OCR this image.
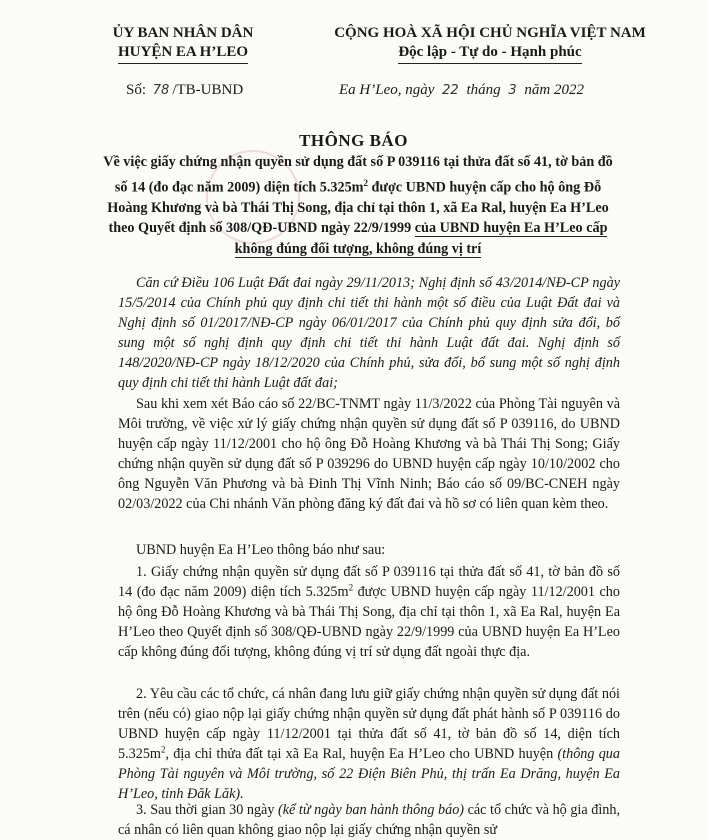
ỦY BAN NHÂN DÂN
HUYỆN EA H’LEO
CỘNG HOÀ XÃ HỘI CHỦ NGHĨA VIỆT NAM
Độc lập - Tự do - Hạnh phúc
Số: 78 /TB-UBND	Ea H’Leo, ngày 22 tháng 3 năm 2022
THÔNG BÁO
Về việc giấy chứng nhận quyền sử dụng đất số P 039116 tại thửa đất số 41, tờ bản đồ số 14 (đo đạc năm 2009) diện tích $5.325m^2$ được UBND huyện cấp cho hộ ông Đỗ Hoàng Khương và bà Thái Thị Song, địa chỉ tại thôn 1, xã Ea Ral, huyện Ea H’Leo theo Quyết định số 308/QĐ-UBND ngày 22/9/1999 của UBND huyện Ea H’Leo cấp không đúng đối tượng, không đúng vị trí
Căn cứ Điều 106 Luật Đất đai ngày 29/11/2013; Nghị định số 43/2014/NĐ-CP ngày 15/5/2014 của Chính phủ quy định chi tiết thi hành một số điều của Luật Đất đai và Nghị định số 01/2017/NĐ-CP ngày 06/01/2017 của Chính phủ quy định sửa đổi, bổ sung một số nghị định quy định chi tiết thi hành Luật đất đai. Nghị định số 148/2020/NĐ-CP ngày 18/12/2020 của Chính phủ, sửa đổi, bổ sung một số nghị định quy định chi tiết thi hành Luật đất đai;
Sau khi xem xét Báo cáo số 22/BC-TNMT ngày 11/3/2022 của Phòng Tài nguyên và Môi trường, về việc xử lý giấy chứng nhận quyền sử dụng đất số P 039116, do UBND huyện cấp ngày 11/12/2001 cho hộ ông Đỗ Hoàng Khương và bà Thái Thị Song; Giấy chứng nhận quyền sử dụng đất số P 039296 do UBND huyện cấp ngày 10/10/2002 cho ông Nguyễn Văn Phương và bà Đinh Thị Vĩnh Ninh; Báo cáo số 09/BC-CNEH ngày 02/03/2022 của Chi nhánh Văn phòng đăng ký đất đai và hồ sơ có liên quan kèm theo.
UBND huyện Ea H’Leo thông báo như sau:
1. Giấy chứng nhận quyền sử dụng đất số P 039116 tại thửa đất số 41, tờ bản đồ số 14 (đo đạc năm 2009) diện tích $5.325m^2$ được UBND huyện cấp ngày 11/12/2001 cho hộ ông Đỗ Hoàng Khương và bà Thái Thị Song, địa chỉ tại thôn 1, xã Ea Ral, huyện Ea H’Leo theo Quyết định số 308/QĐ-UBND ngày 22/9/1999 của UBND huyện Ea H’Leo cấp không đúng đối tượng, không đúng vị trí sử dụng đất ngoài thực địa.
2. Yêu cầu các tổ chức, cá nhân đang lưu giữ giấy chứng nhận quyền sử dụng đất nói trên (nếu có) giao nộp lại giấy chứng nhận quyền sử dụng đất phát hành số P 039116 do UBND huyện cấp ngày 11/12/2001 tại thửa đất số 41, tờ bản đồ số 14, diện tích $5.325m^2$, địa chỉ thửa đất tại xã Ea Ral, huyện Ea H’Leo cho UBND huyện (thông qua Phòng Tài nguyên và Môi trường, số 22 Điện Biên Phủ, thị trấn Ea Drăng, huyện Ea H’Leo, tỉnh Đăk Lăk).
3. Sau thời gian 30 ngày (kể từ ngày ban hành thông báo) các tổ chức và hộ gia đình, cá nhân có liên quan không giao nộp lại giấy chứng nhận quyền sử
